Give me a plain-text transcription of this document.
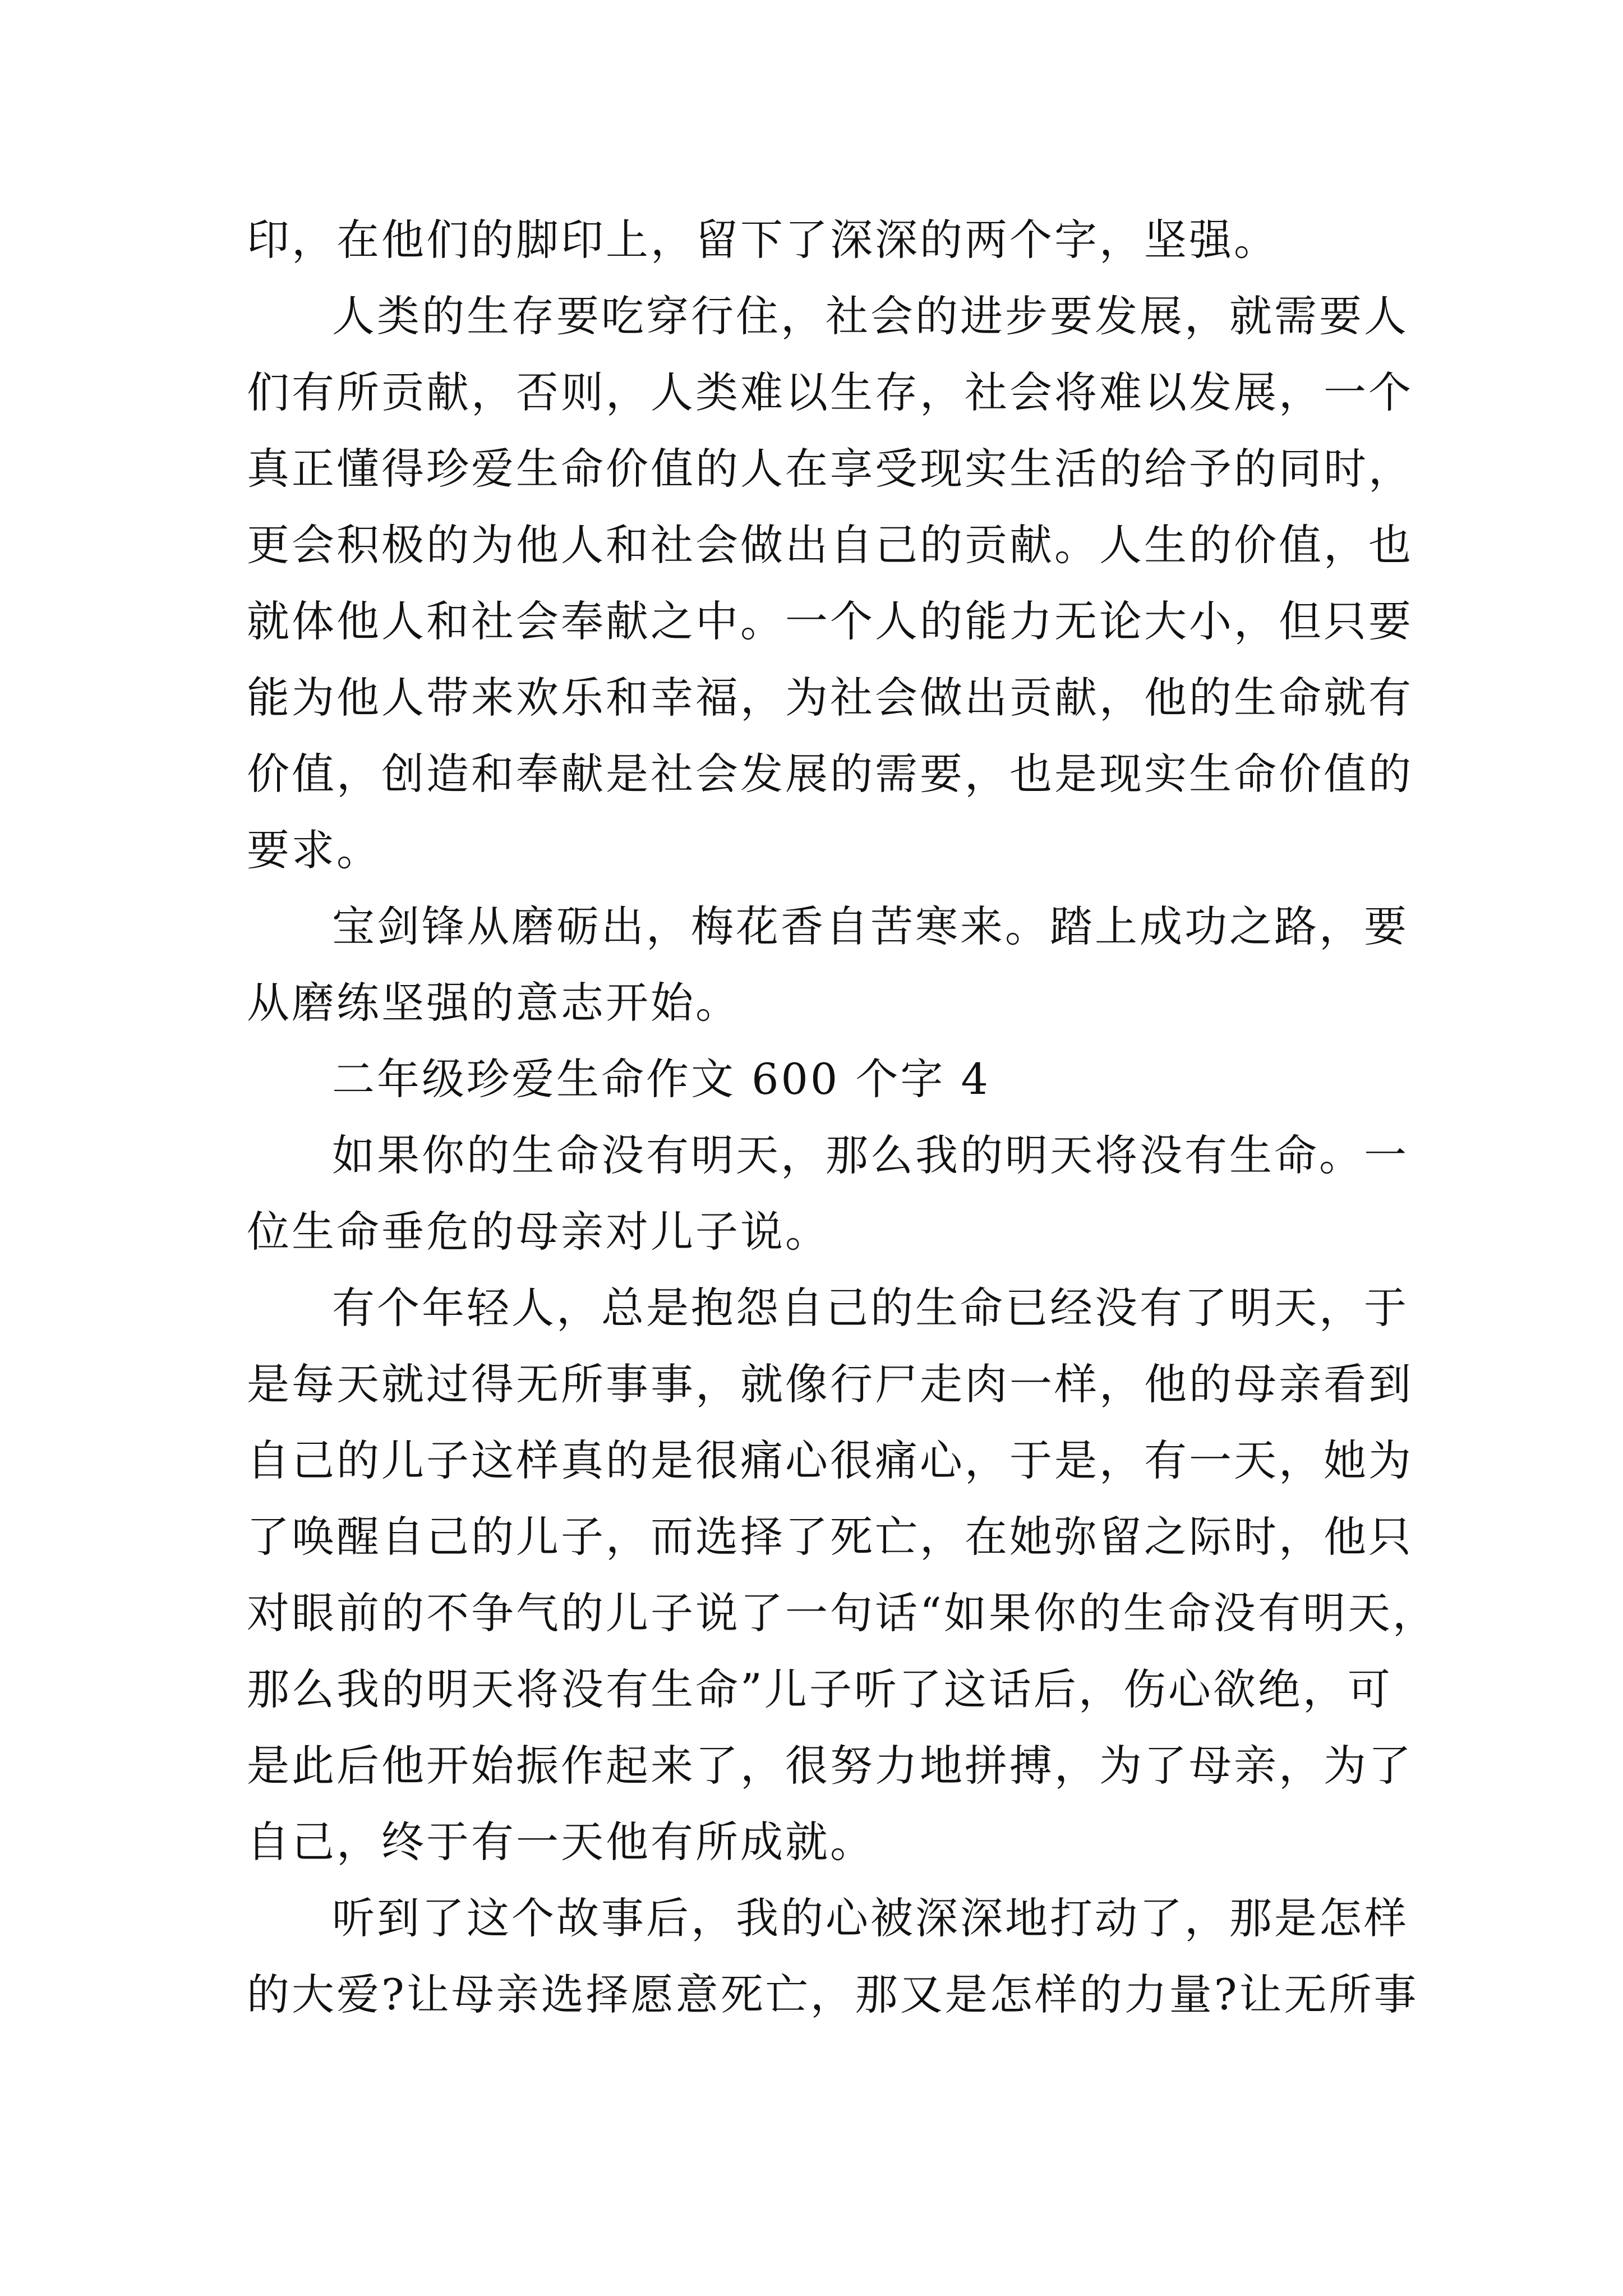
印，在他们的脚印上，留下了深深的两个字，坚强。
人类的生存要吃穿行住，社会的进步要发展，就需要人
们有所贡献，否则，人类难以生存，社会将难以发展，一个
真正懂得珍爱生命价值的人在享受现实生活的给予的同时，
更会积极的为他人和社会做出自己的贡献。人生的价值，也
就体他人和社会奉献之中。一个人的能力无论大小，但只要
能为他人带来欢乐和幸福，为社会做出贡献，他的生命就有
价值，创造和奉献是社会发展的需要，也是现实生命价值的
要求。
宝剑锋从磨砺出，梅花香自苦寒来。踏上成功之路，要
从磨练坚强的意志开始。
二年级珍爱生命作文 600 个字 4
如果你的生命没有明天，那么我的明天将没有生命。一
位生命垂危的母亲对儿子说。
有个年轻人，总是抱怨自己的生命已经没有了明天，于
是每天就过得无所事事，就像行尸走肉一样，他的母亲看到
自己的儿子这样真的是很痛心很痛心，于是，有一天，她为
了唤醒自己的儿子，而选择了死亡，在她弥留之际时，他只
对眼前的不争气的儿子说了一句话“如果你的生命没有明天，
那么我的明天将没有生命”儿子听了这话后，伤心欲绝，可
是此后他开始振作起来了，很努力地拼搏，为了母亲，为了
自己，终于有一天他有所成就。
听到了这个故事后，我的心被深深地打动了，那是怎样
的大爱?让母亲选择愿意死亡，那又是怎样的力量?让无所事
